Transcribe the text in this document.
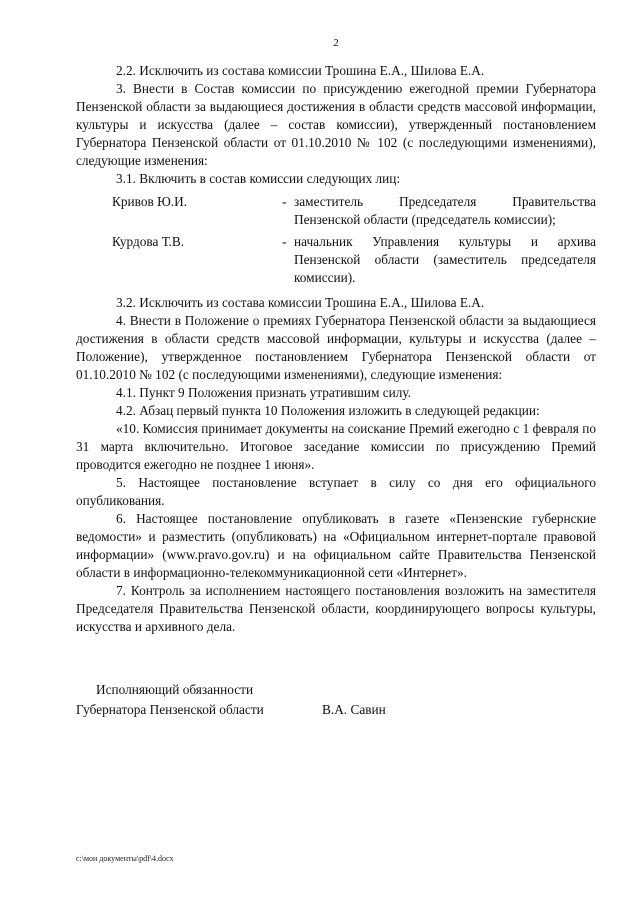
2

2.2. Исключить из состава комиссии Трошина Е.А., Шилова Е.А.

3. Внести в Состав комиссии по присуждению ежегодной премии Губернатора Пензенской области за выдающиеся достижения в области средств массовой информации, культуры и искусства (далее – состав комиссии), утвержденный постановлением Губернатора Пензенской области от 01.10.2010 № 102 (с последующими изменениями), следующие изменения:

3.1. Включить в состав комиссии следующих лиц:

Кривов Ю.И.	- заместитель Председателя Правительства Пензенской области (председатель комиссии);
Курдова Т.В.	- начальник Управления культуры и архива Пензенской области (заместитель председателя комиссии).

3.2. Исключить из состава комиссии Трошина Е.А., Шилова Е.А.

4. Внести в Положение о премиях Губернатора Пензенской области за выдающиеся достижения в области средств массовой информации, культуры и искусства (далее – Положение), утвержденное постановлением Губернатора Пензенской области от 01.10.2010 № 102 (с последующими изменениями), следующие изменения:

4.1. Пункт 9 Положения признать утратившим силу.

4.2. Абзац первый пункта 10 Положения изложить в следующей редакции:

«10. Комиссия принимает документы на соискание Премий ежегодно с 1 февраля по 31 марта включительно. Итоговое заседание комиссии по присуждению Премий проводится ежегодно не позднее 1 июня».

5. Настоящее постановление вступает в силу со дня его официального опубликования.

6. Настоящее постановление опубликовать в газете «Пензенские губернские ведомости» и разместить (опубликовать) на «Официальном интернет-портале правовой информации» (www.pravo.gov.ru) и на официальном сайте Правительства Пензенской области в информационно-телекоммуникационной сети «Интернет».

7. Контроль за исполнением настоящего постановления возложить на заместителя Председателя Правительства Пензенской области, координирующего вопросы культуры, искусства и архивного дела.

Исполняющий обязанности
Губернатора Пензенской области	В.А. Савин
c:\мои документы\pdf\4.docx
